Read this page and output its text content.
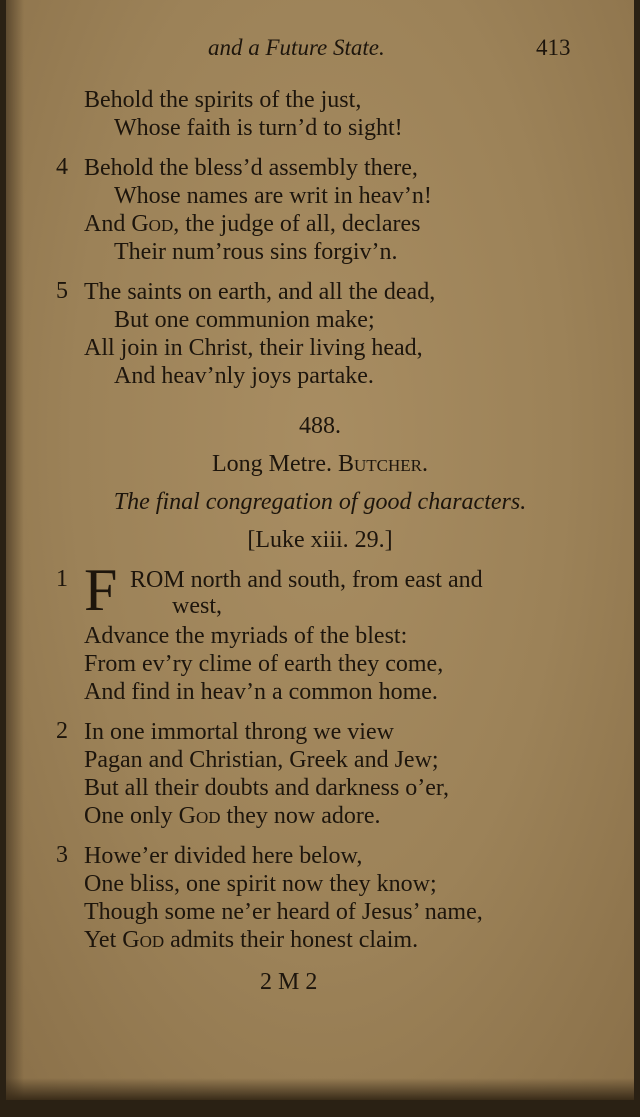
and a Future State.	413
Behold the spirits of the just,
Whose faith is turn’d to sight!
4 Behold the bless’d assembly there,
Whose names are writ in heav’n!
And God, the judge of all, declares
Their num’rous sins forgiv’n.
5 The saints on earth, and all the dead,
But one communion make;
All join in Christ, their living head,
And heav’nly joys partake.
488.
Long Metre. Butcher.
The final congregation of good characters.
[Luke xiii. 29.]
1 F ROM north and south, from east and
west,
Advance the myriads of the blest:
From ev’ry clime of earth they come,
And find in heav’n a common home.
2 In one immortal throng we view
Pagan and Christian, Greek and Jew;
But all their doubts and darkness o’er,
One only God they now adore.
3 Howe’er divided here below,
One bliss, one spirit now they know;
Though some ne’er heard of Jesus’ name,
Yet God admits their honest claim.
2 M 2
